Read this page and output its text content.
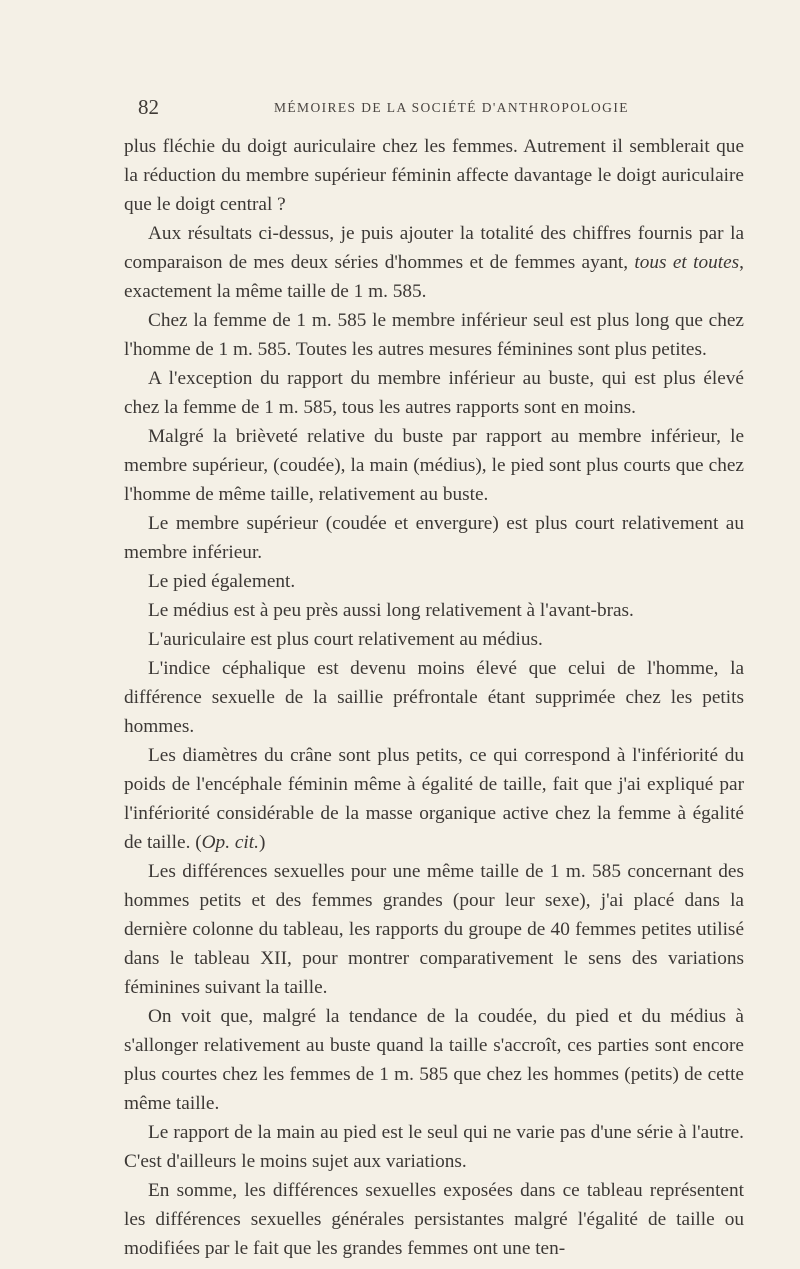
82	MÉMOIRES DE LA SOCIÉTÉ D'ANTHROPOLOGIE

plus fléchie du doigt auriculaire chez les femmes. Autrement il semblerait que la réduction du membre supérieur féminin affecte davantage le doigt auriculaire que le doigt central ?

Aux résultats ci-dessus, je puis ajouter la totalité des chiffres fournis par la comparaison de mes deux séries d'hommes et de femmes ayant, tous et toutes, exactement la même taille de 1 m. 585.

Chez la femme de 1 m. 585 le membre inférieur seul est plus long que chez l'homme de 1 m. 585. Toutes les autres mesures féminines sont plus petites.

A l'exception du rapport du membre inférieur au buste, qui est plus élevé chez la femme de 1 m. 585, tous les autres rapports sont en moins.

Malgré la brièveté relative du buste par rapport au membre inférieur, le membre supérieur, (coudée), la main (médius), le pied sont plus courts que chez l'homme de même taille, relativement au buste.

Le membre supérieur (coudée et envergure) est plus court relativement au membre inférieur.

Le pied également.

Le médius est à peu près aussi long relativement à l'avant-bras.

L'auriculaire est plus court relativement au médius.

L'indice céphalique est devenu moins élevé que celui de l'homme, la différence sexuelle de la saillie préfrontale étant supprimée chez les petits hommes.

Les diamètres du crâne sont plus petits, ce qui correspond à l'infériorité du poids de l'encéphale féminin même à égalité de taille, fait que j'ai expliqué par l'infériorité considérable de la masse organique active chez la femme à égalité de taille. (Op. cit.)

Les différences sexuelles pour une même taille de 1 m. 585 concernant des hommes petits et des femmes grandes (pour leur sexe), j'ai placé dans la dernière colonne du tableau, les rapports du groupe de 40 femmes petites utilisé dans le tableau XII, pour montrer comparativement le sens des variations féminines suivant la taille.

On voit que, malgré la tendance de la coudée, du pied et du médius à s'allonger relativement au buste quand la taille s'accroît, ces parties sont encore plus courtes chez les femmes de 1 m. 585 que chez les hommes (petits) de cette même taille.

Le rapport de la main au pied est le seul qui ne varie pas d'une série à l'autre. C'est d'ailleurs le moins sujet aux variations.

En somme, les différences sexuelles exposées dans ce tableau représentent les différences sexuelles générales persistantes malgré l'égalité de taille ou modifiées par le fait que les grandes femmes ont une ten-
